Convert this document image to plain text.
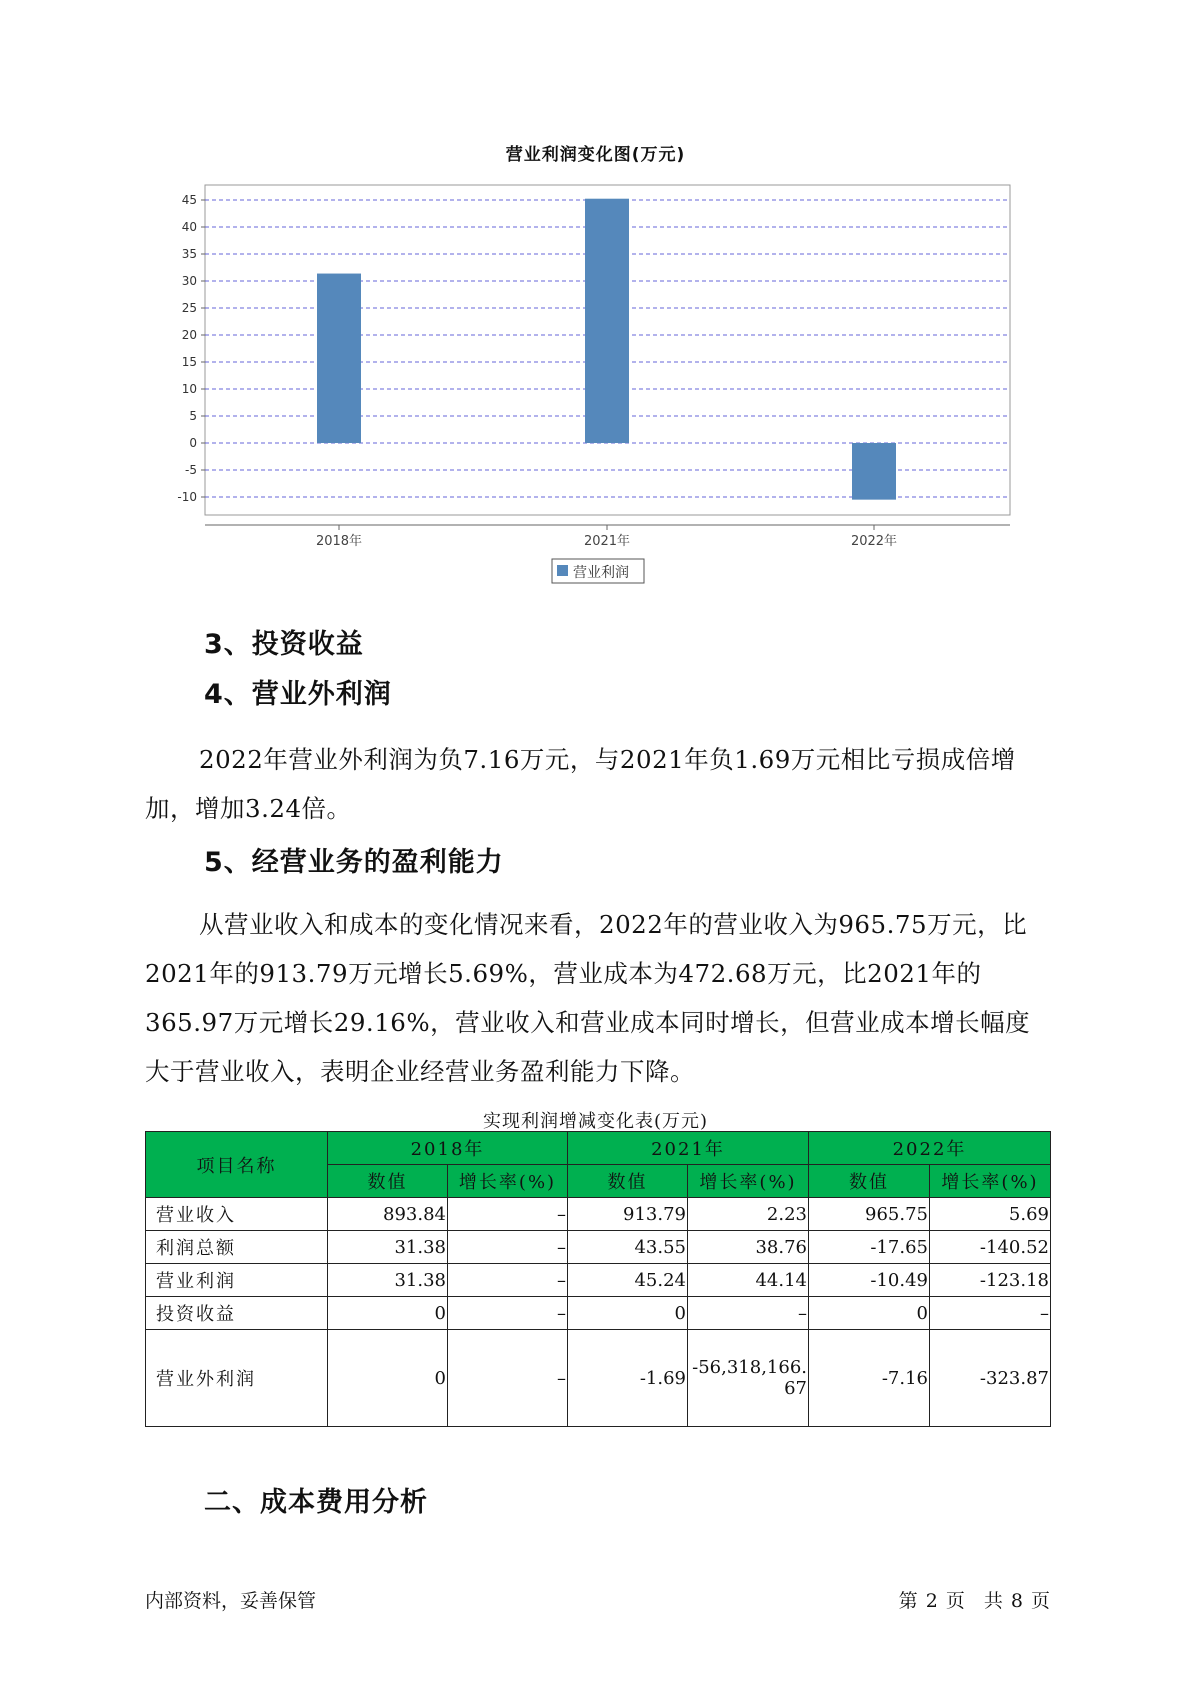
营业利润变化图(万元)
-10
-5
0
5
10
15
20
25
30
35
40
45
2018年	2021年	2022年
营业利润
3、投资收益
4、营业外利润
2022年营业外利润为负7.16万元，与2021年负1.69万元相比亏损成倍增加，增加3.24倍。
5、经营业务的盈利能力
从营业收入和成本的变化情况来看，2022年的营业收入为965.75万元，比2021年的913.79万元增长5.69%，营业成本为472.68万元，比2021年的365.97万元增长29.16%，营业收入和营业成本同时增长，但营业成本增长幅度大于营业收入，表明企业经营业务盈利能力下降。
实现利润增减变化表(万元)
项目名称	2018年		2021年		2022年	
	数值	增长率(%)	数值	增长率(%)	数值	增长率(%)
营业收入	893.84	–	913.79	2.23	965.75	5.69
利润总额	31.38	–	43.55	38.76	-17.65	-140.52
营业利润	31.38	–	45.24	44.14	-10.49	-123.18
投资收益	0	–	0	–	0	–
营业外利润	0	–	-1.69	-56,318,166.67	-7.16	-323.87
二、成本费用分析
内部资料，妥善保管	第 2 页 共 8 页
